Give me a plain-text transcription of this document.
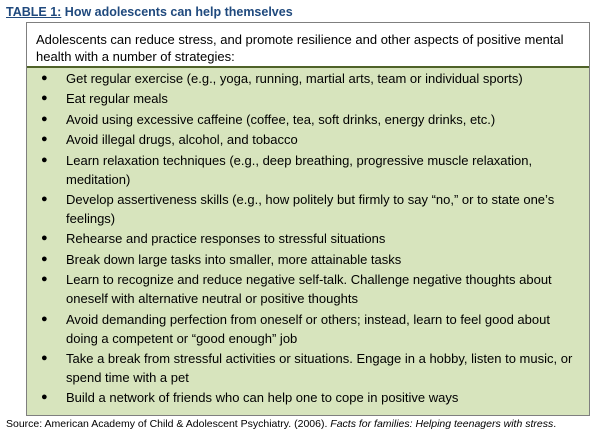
TABLE 1: How adolescents can help themselves
Adolescents can reduce stress, and promote resilience and other aspects of positive mental health with a number of strategies:
● Get regular exercise (e.g., yoga, running, martial arts, team or individual sports)
● Eat regular meals
● Avoid using excessive caffeine (coffee, tea, soft drinks, energy drinks, etc.)
● Avoid illegal drugs, alcohol, and tobacco
● Learn relaxation techniques (e.g., deep breathing, progressive muscle relaxation, meditation)
● Develop assertiveness skills (e.g., how politely but firmly to say “no,” or to state one’s feelings)
● Rehearse and practice responses to stressful situations
● Break down large tasks into smaller, more attainable tasks
● Learn to recognize and reduce negative self-talk. Challenge negative thoughts about oneself with alternative neutral or positive thoughts
● Avoid demanding perfection from oneself or others; instead, learn to feel good about doing a competent or “good enough” job
● Take a break from stressful activities or situations. Engage in a hobby, listen to music, or spend time with a pet
● Build a network of friends who can help one to cope in positive ways
Source: American Academy of Child & Adolescent Psychiatry. (2006). Facts for families: Helping teenagers with stress.
